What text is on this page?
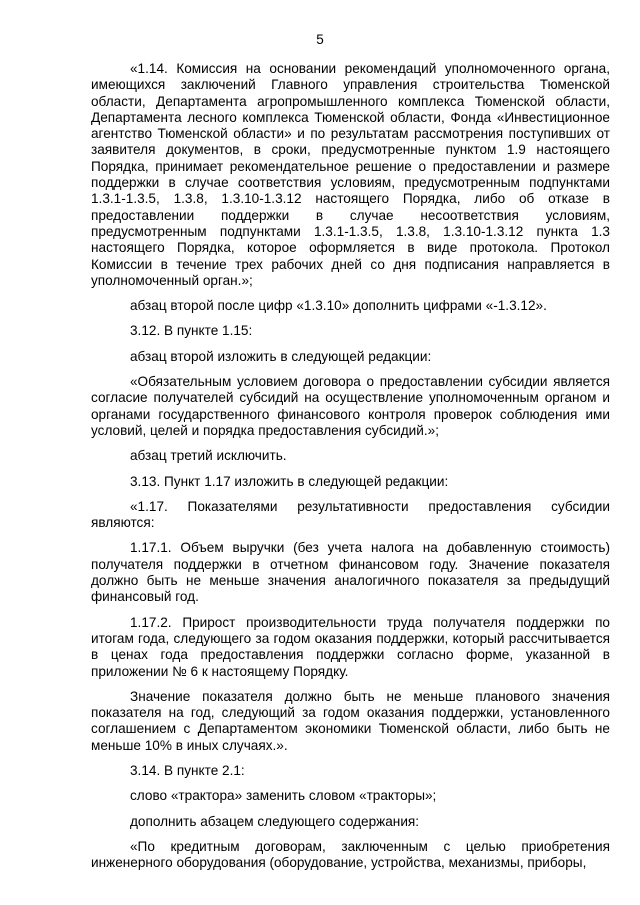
5

«1.14. Комиссия на основании рекомендаций уполномоченного органа, имеющихся заключений Главного управления строительства Тюменской области, Департамента агропромышленного комплекса Тюменской области, Департамента лесного комплекса Тюменской области, Фонда «Инвестиционное агентство Тюменской области» и по результатам рассмотрения поступивших от заявителя документов, в сроки, предусмотренные пунктом 1.9 настоящего Порядка, принимает рекомендательное решение о предоставлении и размере поддержки в случае соответствия условиям, предусмотренным подпунктами 1.3.1-1.3.5, 1.3.8, 1.3.10-1.3.12 настоящего Порядка, либо об отказе в предоставлении поддержки в случае несоответствия условиям, предусмотренным подпунктами 1.3.1-1.3.5, 1.3.8, 1.3.10-1.3.12 пункта 1.3 настоящего Порядка, которое оформляется в виде протокола. Протокол Комиссии в течение трех рабочих дней со дня подписания направляется в уполномоченный орган.»;

абзац второй после цифр «1.3.10» дополнить цифрами «-1.3.12».

3.12. В пункте 1.15:

абзац второй изложить в следующей редакции:

«Обязательным условием договора о предоставлении субсидии является согласие получателей субсидий на осуществление уполномоченным органом и органами государственного финансового контроля проверок соблюдения ими условий, целей и порядка предоставления субсидий.»;

абзац третий исключить.

3.13. Пункт 1.17 изложить в следующей редакции:

«1.17. Показателями результативности предоставления субсидии являются:

1.17.1. Объем выручки (без учета налога на добавленную стоимость) получателя поддержки в отчетном финансовом году. Значение показателя должно быть не меньше значения аналогичного показателя за предыдущий финансовый год.

1.17.2. Прирост производительности труда получателя поддержки по итогам года, следующего за годом оказания поддержки, который рассчитывается в ценах года предоставления поддержки согласно форме, указанной в приложении № 6 к настоящему Порядку.

Значение показателя должно быть не меньше планового значения показателя на год, следующий за годом оказания поддержки, установленного соглашением с Департаментом экономики Тюменской области, либо быть не меньше 10% в иных случаях.».

3.14. В пункте 2.1:

слово «трактора» заменить словом «тракторы»;

дополнить абзацем следующего содержания:

«По кредитным договорам, заключенным с целью приобретения инженерного оборудования (оборудование, устройства, механизмы, приборы,
